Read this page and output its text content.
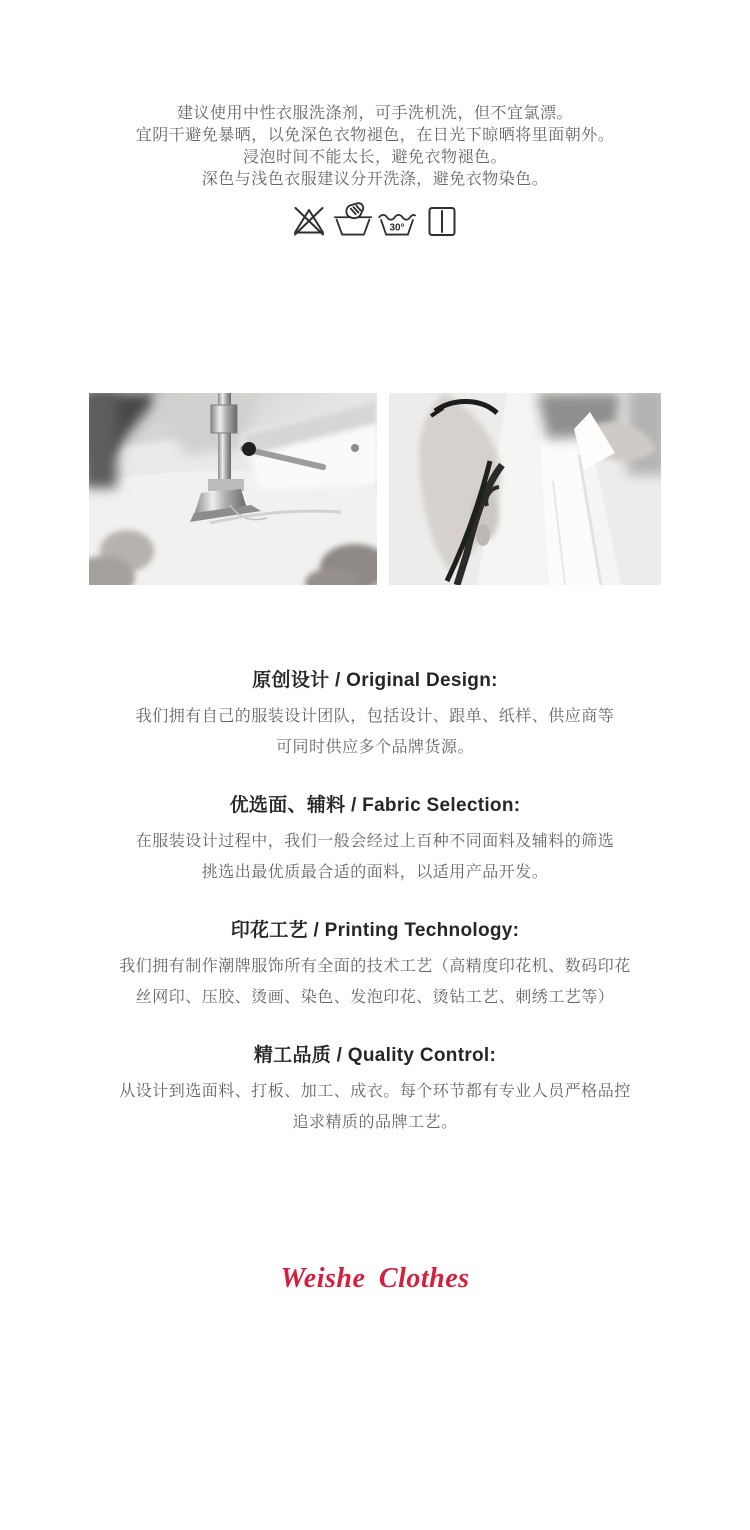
建议使用中性衣服洗涤剂，可手洗机洗，但不宜氯漂。
宜阴干避免暴晒，以免深色衣物褪色，在日光下晾晒将里面朝外。
浸泡时间不能太长，避免衣物褪色。
深色与浅色衣服建议分开洗涤，避免衣物染色。
30°
原创设计 / Original Design:
我们拥有自己的服装设计团队，包括设计、跟单、纸样、供应商等
可同时供应多个品牌货源。
优选面、辅料 / Fabric Selection:
在服装设计过程中，我们一般会经过上百种不同面料及辅料的筛选
挑选出最优质最合适的面料，以适用产品开发。
印花工艺 / Printing Technology:
我们拥有制作潮牌服饰所有全面的技术工艺（高精度印花机、数码印花
丝网印、压胶、烫画、染色、发泡印花、烫钻工艺、刺绣工艺等）
精工品质 / Quality Control:
从设计到选面料、打板、加工、成衣。每个环节都有专业人员严格品控
追求精质的品牌工艺。
Weishe Clothes
